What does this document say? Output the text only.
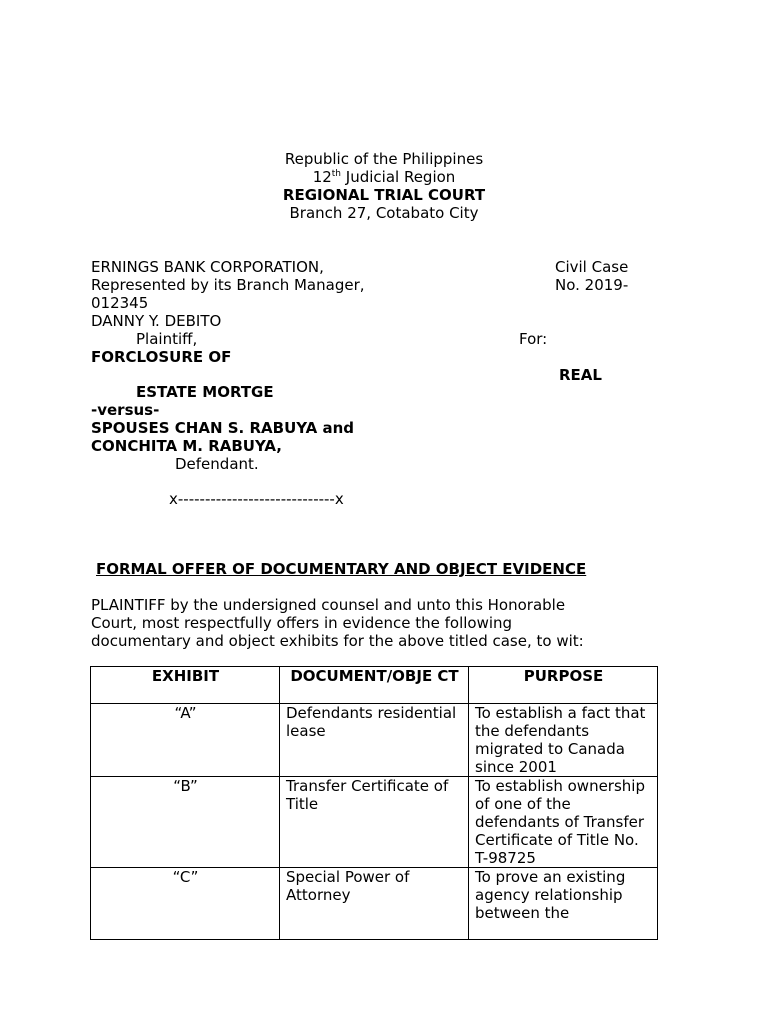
Republic of the Philippines
12th Judicial Region
REGIONAL TRIAL COURT
Branch 27, Cotabato City
ERNINGS BANK CORPORATION,
Represented by its Branch Manager,
012345
DANNY Y. DEBITO
Plaintiff,
Civil Case
No. 2019-
For:
FORCLOSURE OF
REAL
ESTATE MORTGE
-versus-
SPOUSES CHAN S. RABUYA and
CONCHITA M. RABUYA,
Defendant.
x-----------------------------x
FORMAL OFFER OF DOCUMENTARY AND OBJECT EVIDENCE
PLAINTIFF by the undersigned counsel and unto this Honorable
Court, most respectfully offers in evidence the following
documentary and object exhibits for the above titled case, to wit:
EXHIBIT	DOCUMENT/OBJE CT	PURPOSE
“A”	Defendants residential lease	To establish a fact that the defendants migrated to Canada since 2001
“B”	Transfer Certificate of Title	To establish ownership of one of the defendants of Transfer Certificate of Title No. T-98725
“C”	Special Power of Attorney	To prove an existing agency relationship between the
